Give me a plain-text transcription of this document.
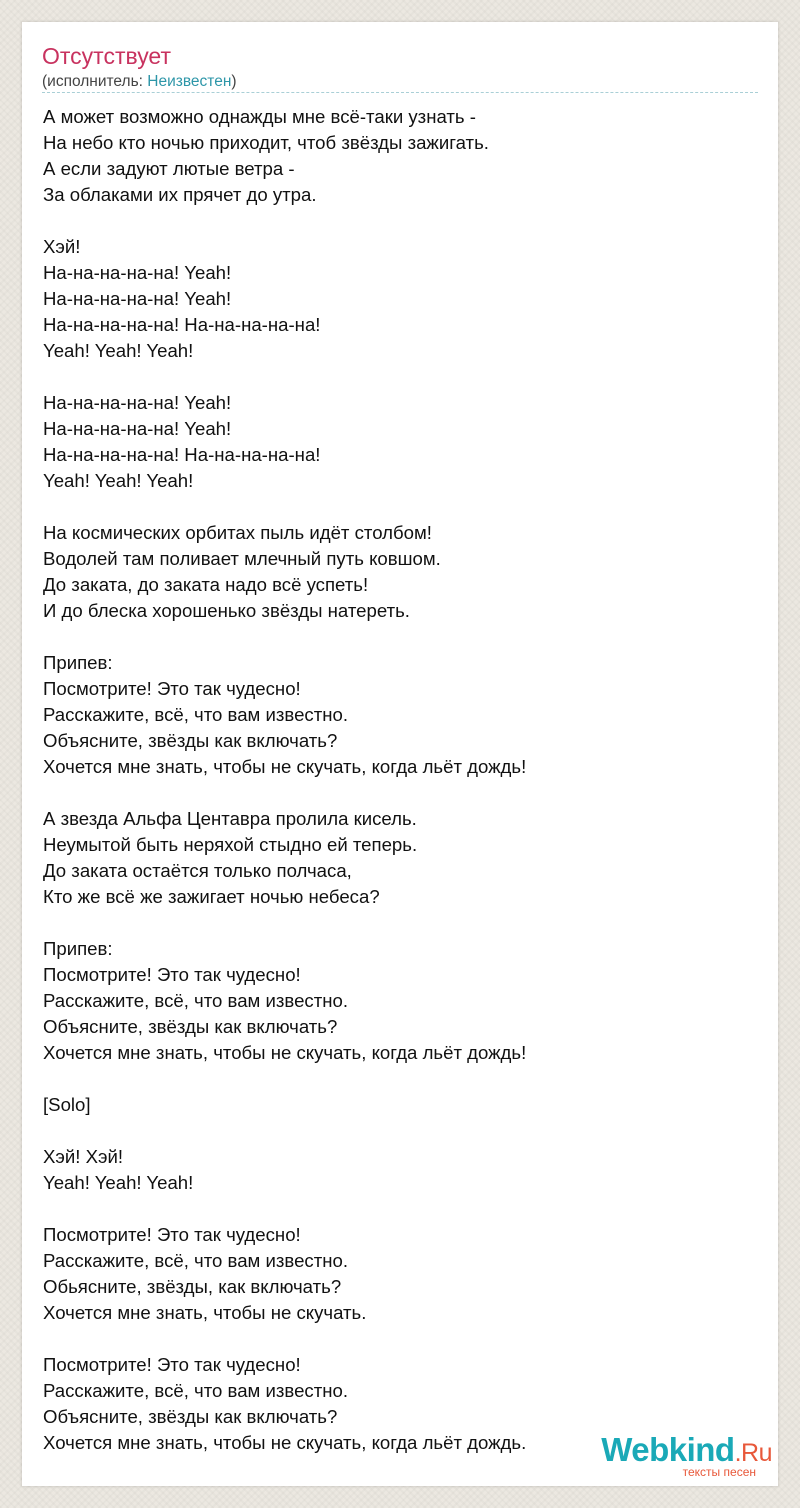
Отсутствует
(исполнитель: Неизвестен)
А может возможно однажды мне всё-таки узнать -
На небо кто ночью приходит, чтоб звёзды зажигать.
А если задуют лютые ветра -
За облаками их прячет до утра.
Хэй!
На-на-на-на-на! Yeah!
На-на-на-на-на! Yeah!
На-на-на-на-на! На-на-на-на-на!
Yeah! Yeah! Yeah!
На-на-на-на-на! Yeah!
На-на-на-на-на! Yeah!
На-на-на-на-на! На-на-на-на-на!
Yeah! Yeah! Yeah!
На космических орбитах пыль идёт столбом!
Водолей там поливает млечный путь ковшом.
До заката, до заката надо всё успеть!
И до блеска хорошенько звёзды натереть.
Припев:
Посмотрите! Это так чудесно!
Расскажите, всё, что вам известно.
Объясните, звёзды как включать?
Хочется мне знать, чтобы не скучать, когда льёт дождь!
А звезда Альфа Центавра пролила кисель.
Неумытой быть неряхой стыдно ей теперь.
До заката остаётся только полчаса,
Кто же всё же зажигает ночью небеса?
Припев:
Посмотрите! Это так чудесно!
Расскажите, всё, что вам известно.
Объясните, звёзды как включать?
Хочется мне знать, чтобы не скучать, когда льёт дождь!
[Solo]
Хэй! Хэй!
Yeah! Yeah! Yeah!
Посмотрите! Это так чудесно!
Расскажите, всё, что вам известно.
Обьясните, звёзды, как включать?
Хочется мне знать, чтобы не скучать.
Посмотрите! Это так чудесно!
Расскажите, всё, что вам известно.
Объясните, звёзды как включать?
Хочется мне знать, чтобы не скучать, когда льёт дождь.	Webkind.Ru
тексты песен
